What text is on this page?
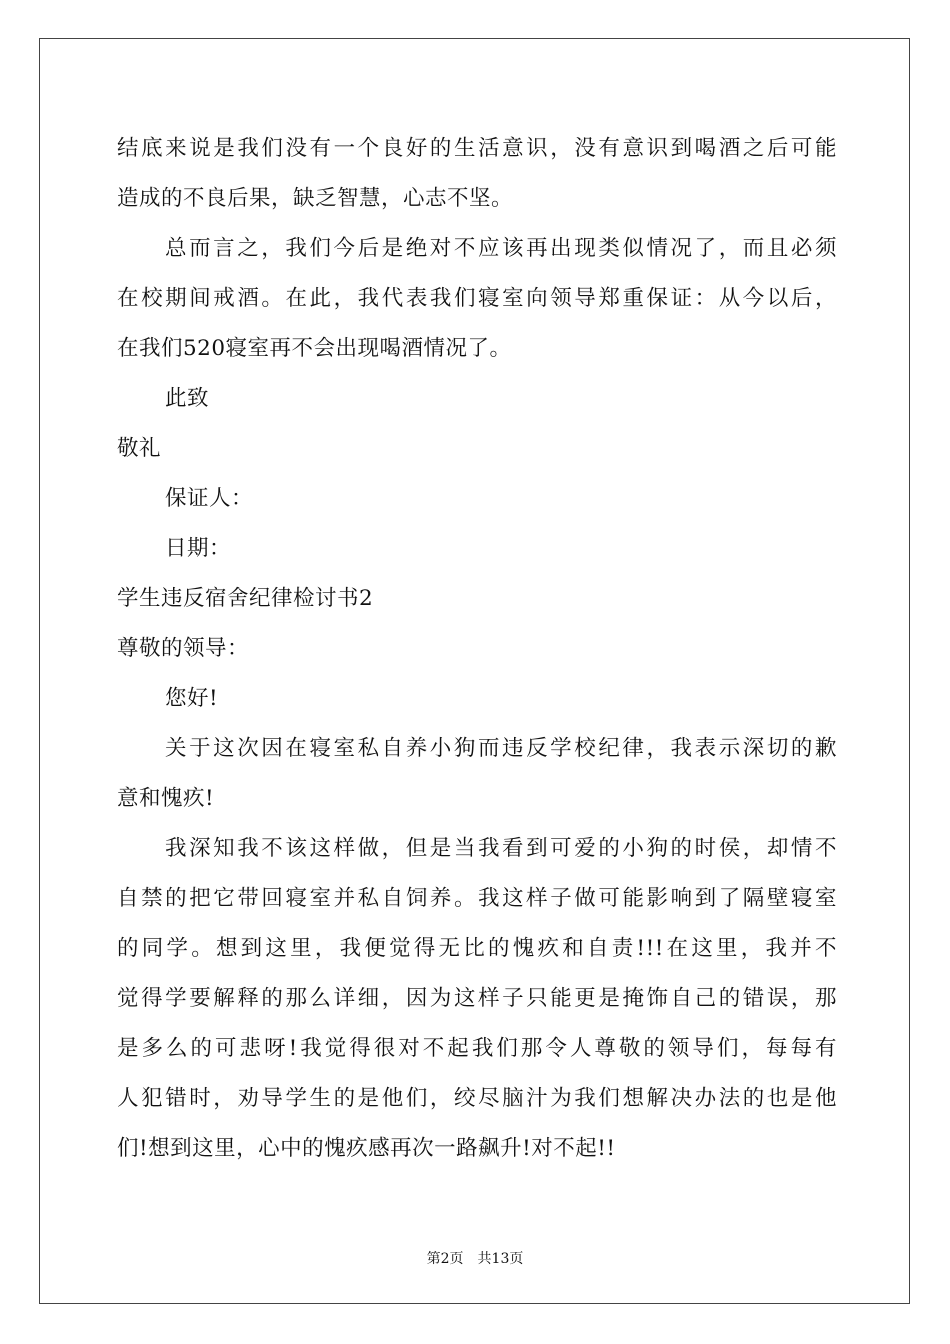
结底来说是我们没有一个良好的生活意识，没有意识到喝酒之后可能
造成的不良后果，缺乏智慧，心志不坚。
总而言之，我们今后是绝对不应该再出现类似情况了，而且必须
在校期间戒酒。在此，我代表我们寝室向领导郑重保证：从今以后，
在我们520寝室再不会出现喝酒情况了。
此致
敬礼
保证人：
日期：
学生违反宿舍纪律检讨书2
尊敬的领导：
您好!
关于这次因在寝室私自养小狗而违反学校纪律，我表示深切的歉
意和愧疚!
我深知我不该这样做，但是当我看到可爱的小狗的时侯，却情不
自禁的把它带回寝室并私自饲养。我这样子做可能影响到了隔壁寝室
的同学。想到这里，我便觉得无比的愧疚和自责!!!在这里，我并不
觉得学要解释的那么详细，因为这样子只能更是掩饰自己的错误，那
是多么的可悲呀!我觉得很对不起我们那令人尊敬的领导们，每每有
人犯错时，劝导学生的是他们，绞尽脑汁为我们想解决办法的也是他
们!想到这里，心中的愧疚感再次一路飙升!对不起!!
第2页 共13页
